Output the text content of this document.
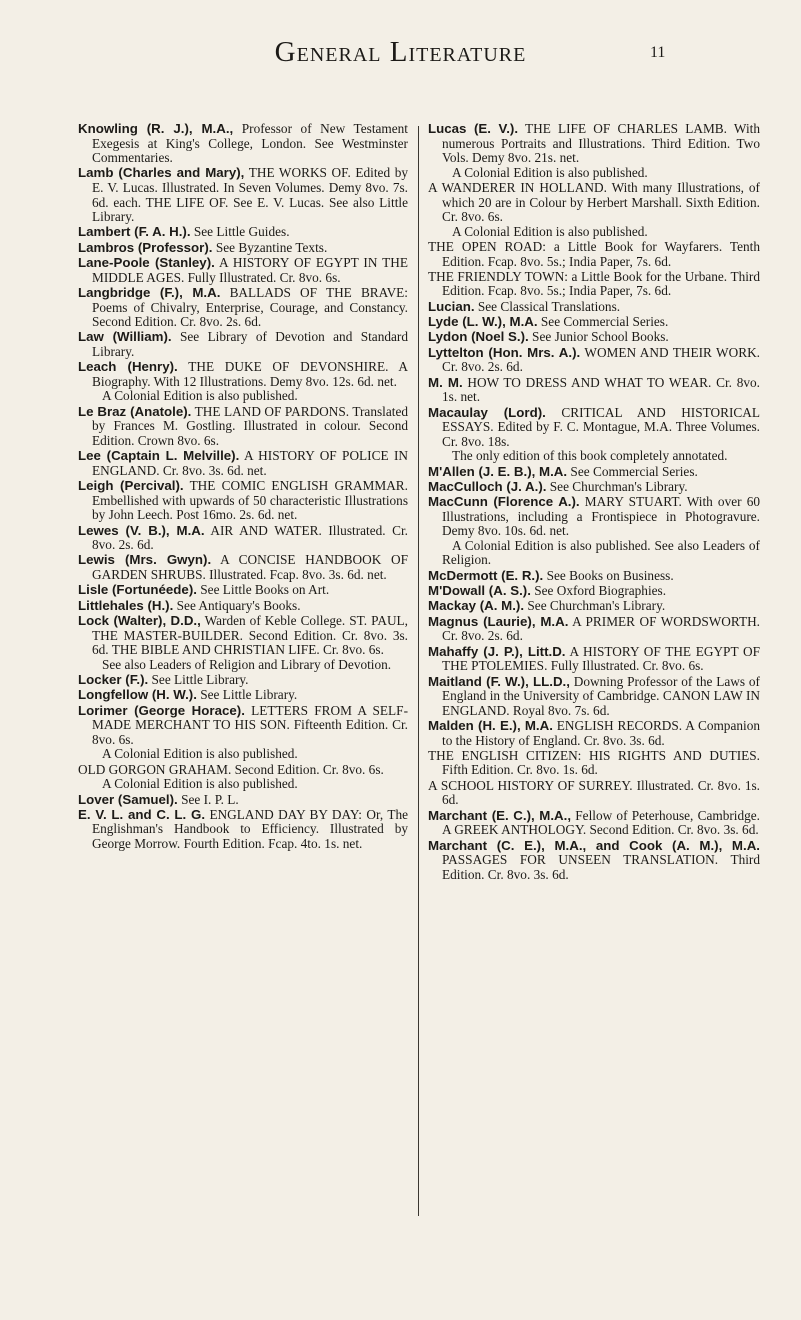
General Literature	11

Knowling (R. J.), M.A., Professor of New Testament Exegesis at King's College, London. See Westminster Commentaries.

Lamb (Charles and Mary), THE WORKS OF. Edited by E. V. Lucas. Illustrated. In Seven Volumes. Demy 8vo. 7s. 6d. each. THE LIFE OF. See E. V. Lucas. See also Little Library.

Lambert (F. A. H.). See Little Guides.

Lambros (Professor). See Byzantine Texts.

Lane-Poole (Stanley). A HISTORY OF EGYPT IN THE MIDDLE AGES. Fully Illustrated. Cr. 8vo. 6s.

Langbridge (F.), M.A. BALLADS OF THE BRAVE: Poems of Chivalry, Enterprise, Courage, and Constancy. Second Edition. Cr. 8vo. 2s. 6d.

Law (William). See Library of Devotion and Standard Library.

Leach (Henry). THE DUKE OF DEVONSHIRE. A Biography. With 12 Illustrations. Demy 8vo. 12s. 6d. net.
A Colonial Edition is also published.

Le Braz (Anatole). THE LAND OF PARDONS. Translated by Frances M. Gostling. Illustrated in colour. Second Edition. Crown 8vo. 6s.

Lee (Captain L. Melville). A HISTORY OF POLICE IN ENGLAND. Cr. 8vo. 3s. 6d. net.

Leigh (Percival). THE COMIC ENGLISH GRAMMAR. Embellished with upwards of 50 characteristic Illustrations by John Leech. Post 16mo. 2s. 6d. net.

Lewes (V. B.), M.A. AIR AND WATER. Illustrated. Cr. 8vo. 2s. 6d.

Lewis (Mrs. Gwyn). A CONCISE HANDBOOK OF GARDEN SHRUBS. Illustrated. Fcap. 8vo. 3s. 6d. net.

Lisle (Fortunéede). See Little Books on Art.

Littlehales (H.). See Antiquary's Books.

Lock (Walter), D.D., Warden of Keble College. ST. PAUL, THE MASTER-BUILDER. Second Edition. Cr. 8vo. 3s. 6d. THE BIBLE AND CHRISTIAN LIFE. Cr. 8vo. 6s.
See also Leaders of Religion and Library of Devotion.

Locker (F.). See Little Library.

Longfellow (H. W.). See Little Library.

Lorimer (George Horace). LETTERS FROM A SELF-MADE MERCHANT TO HIS SON. Fifteenth Edition. Cr. 8vo. 6s.
A Colonial Edition is also published.

OLD GORGON GRAHAM. Second Edition. Cr. 8vo. 6s.
A Colonial Edition is also published.

Lover (Samuel). See I. P. L.

E. V. L. and C. L. G. ENGLAND DAY BY DAY: Or, The Englishman's Handbook to Efficiency. Illustrated by George Morrow. Fourth Edition. Fcap. 4to. 1s. net.

Lucas (E. V.). THE LIFE OF CHARLES LAMB. With numerous Portraits and Illustrations. Third Edition. Two Vols. Demy 8vo. 21s. net.
A Colonial Edition is also published.

A WANDERER IN HOLLAND. With many Illustrations, of which 20 are in Colour by Herbert Marshall. Sixth Edition. Cr. 8vo. 6s.
A Colonial Edition is also published.

THE OPEN ROAD: a Little Book for Wayfarers. Tenth Edition. Fcap. 8vo. 5s.; India Paper, 7s. 6d.

THE FRIENDLY TOWN: a Little Book for the Urbane. Third Edition. Fcap. 8vo. 5s.; India Paper, 7s. 6d.

Lucian. See Classical Translations.

Lyde (L. W.), M.A. See Commercial Series.

Lydon (Noel S.). See Junior School Books.

Lyttelton (Hon. Mrs. A.). WOMEN AND THEIR WORK. Cr. 8vo. 2s. 6d.

M. M. HOW TO DRESS AND WHAT TO WEAR. Cr. 8vo. 1s. net.

Macaulay (Lord). CRITICAL AND HISTORICAL ESSAYS. Edited by F. C. Montague, M.A. Three Volumes. Cr. 8vo. 18s.
The only edition of this book completely annotated.

M'Allen (J. E. B.), M.A. See Commercial Series.

MacCulloch (J. A.). See Churchman's Library.

MacCunn (Florence A.). MARY STUART. With over 60 Illustrations, including a Frontispiece in Photogravure. Demy 8vo. 10s. 6d. net.
A Colonial Edition is also published. See also Leaders of Religion.

McDermott (E. R.). See Books on Business.

M'Dowall (A. S.). See Oxford Biographies.

Mackay (A. M.). See Churchman's Library.

Magnus (Laurie), M.A. A PRIMER OF WORDSWORTH. Cr. 8vo. 2s. 6d.

Mahaffy (J. P.), Litt.D. A HISTORY OF THE EGYPT OF THE PTOLEMIES. Fully Illustrated. Cr. 8vo. 6s.

Maitland (F. W.), LL.D., Downing Professor of the Laws of England in the University of Cambridge. CANON LAW IN ENGLAND. Royal 8vo. 7s. 6d.

Malden (H. E.), M.A. ENGLISH RECORDS. A Companion to the History of England. Cr. 8vo. 3s. 6d.

THE ENGLISH CITIZEN: HIS RIGHTS AND DUTIES. Fifth Edition. Cr. 8vo. 1s. 6d.

A SCHOOL HISTORY OF SURREY. Illustrated. Cr. 8vo. 1s. 6d.

Marchant (E. C.), M.A., Fellow of Peterhouse, Cambridge. A GREEK ANTHOLOGY. Second Edition. Cr. 8vo. 3s. 6d.

Marchant (C. E.), M.A., and Cook (A. M.), M.A. PASSAGES FOR UNSEEN TRANSLATION. Third Edition. Cr. 8vo. 3s. 6d.
